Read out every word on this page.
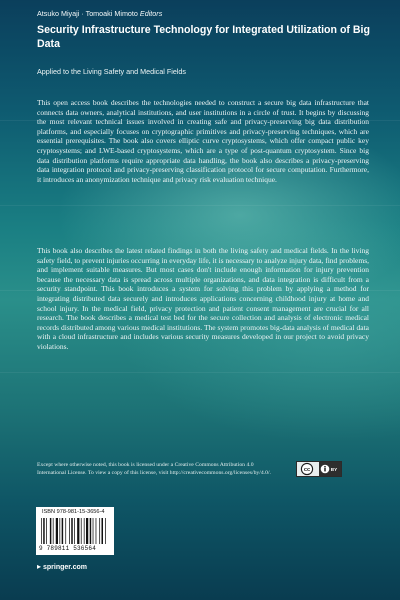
Atsuko Miyaji · Tomoaki Mimoto Editors
Security Infrastructure Technology for Integrated Utilization of Big Data
Applied to the Living Safety and Medical Fields

This open access book describes the technologies needed to construct a secure big data infrastructure that connects data owners, analytical institutions, and user institutions in a circle of trust. It begins by discussing the most relevant technical issues involved in creating safe and privacy-preserving big data distribution platforms, and especially focuses on cryptographic primitives and privacy-preserving techniques, which are essential prerequisites. The book also covers elliptic curve cryptosystems, which offer compact public key cryptosystems; and LWE-based cryptosystems, which are a type of post-quantum cryptosystem. Since big data distribution platforms require appropriate data handling, the book also describes a privacy-preserving data integration protocol and privacy-preserving classification protocol for secure computation. Furthermore, it introduces an anonymization technique and privacy risk evaluation technique.

This book also describes the latest related findings in both the living safety and medical fields. In the living safety field, to prevent injuries occurring in everyday life, it is necessary to analyze injury data, find problems, and implement suitable measures. But most cases don't include enough information for injury prevention because the necessary data is spread across multiple organizations, and data integration is difficult from a security standpoint. This book introduces a system for solving this problem by applying a method for integrating distributed data securely and introduces applications concerning childhood injury at home and school injury. In the medical field, privacy protection and patient consent management are crucial for all research. The book describes a medical test bed for the secure collection and analysis of electronic medical records distributed among various medical institutions. The system promotes big-data analysis of medical data with a cloud infrastructure and includes various security measures developed in our project to avoid privacy violations.

Except where otherwise noted, this book is licensed under a Creative Commons Attribution 4.0 International License. To view a copy of this license, visit http://creativecommons.org/licenses/by/4.0/.	cc	BY
ISBN 978-981-15-3656-4
9 789811 536564
▸ springer.com
